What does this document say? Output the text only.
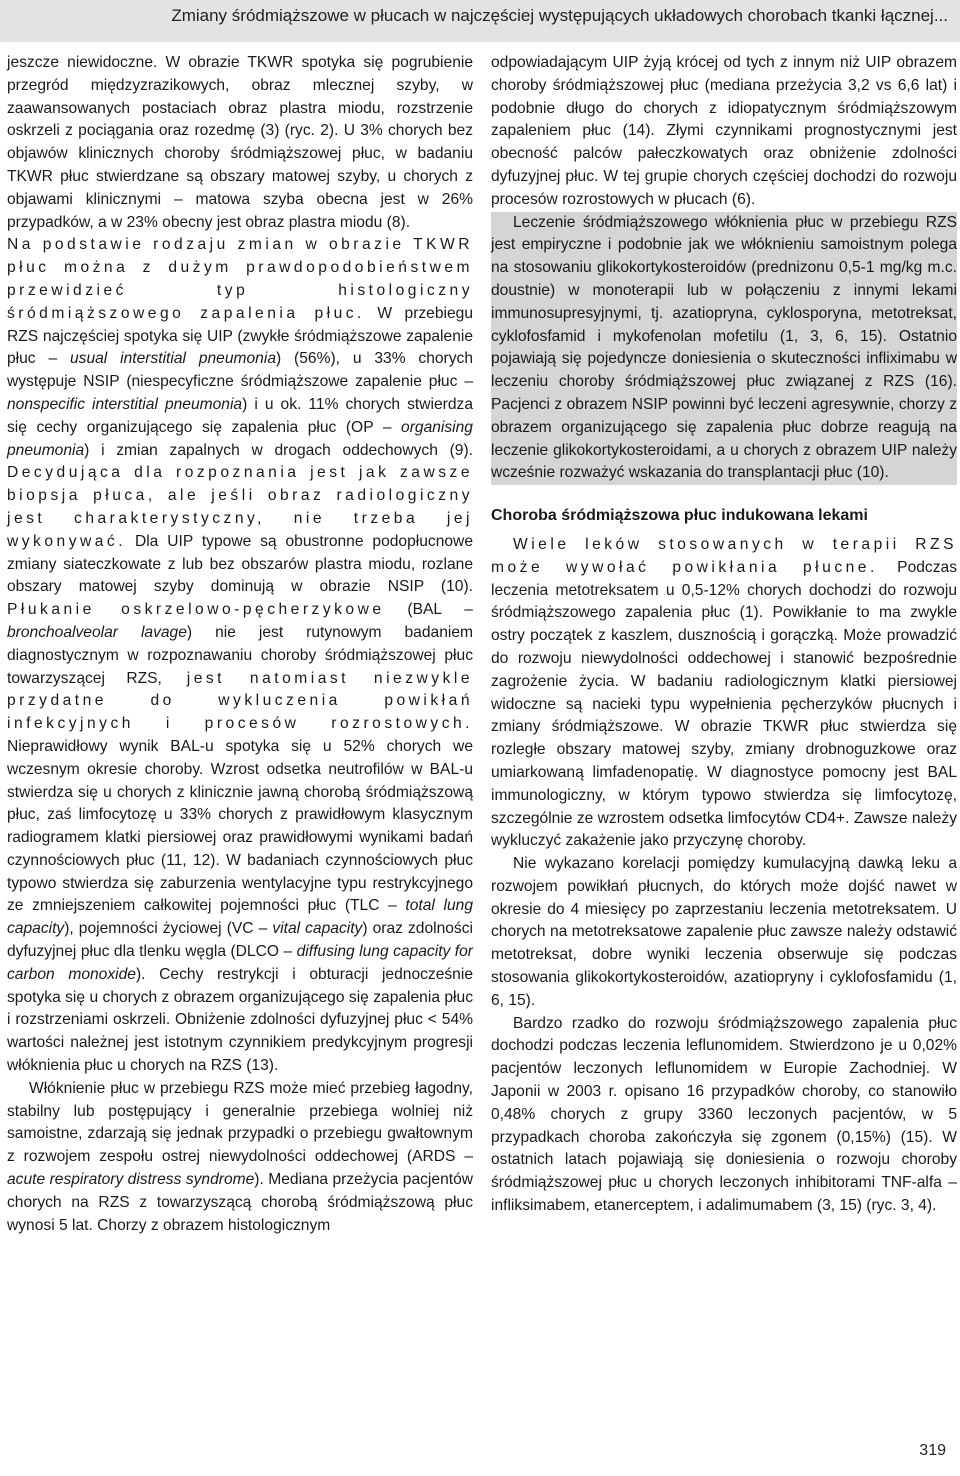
Zmiany śródmiąższowe w płucach w najczęściej występujących układowych chorobach tkanki łącznej...

jeszcze niewidoczne. W obrazie TKWR spotyka się pogrubienie przegród międzyzrazikowych, obraz mlecznej szyby, w zaawansowanych postaciach obraz plastra miodu, rozstrzenie oskrzeli z pociągania oraz rozedmę (3) (ryc. 2). U 3% chorych bez objawów klinicznych choroby śródmiąższowej płuc, w badaniu TKWR płuc stwierdzane są obszary matowej szyby, u chorych z objawami klinicznymi – matowa szyba obecna jest w 26% przypadków, a w 23% obecny jest obraz plastra miodu (8).

Na podstawie rodzaju zmian w obrazie TKWR płuc można z dużym prawdopodobieństwem przewidzieć typ histologiczny śródmiąższowego zapalenia płuc. W przebiegu RZS najczęściej spotyka się UIP (zwykłe śródmiąższowe zapalenie płuc – usual interstitial pneumonia) (56%), u 33% chorych występuje NSIP (niespecyficzne śródmiąższowe zapalenie płuc – nonspecific interstitial pneumonia) i u ok. 11% chorych stwierdza się cechy organizującego się zapalenia płuc (OP – organising pneumonia) i zmian zapalnych w drogach oddechowych (9). Decydująca dla rozpoznania jest jak zawsze biopsja płuca, ale jeśli obraz radiologiczny jest charakterystyczny, nie trzeba jej wykonywać. Dla UIP typowe są obustronne podopłucnowe zmiany siateczkowate z lub bez obszarów plastra miodu, rozlane obszary matowej szyby dominują w obrazie NSIP (10). Płukanie oskrzelowo-pęcherzykowe (BAL – bronchoalveolar lavage) nie jest rutynowym badaniem diagnostycznym w rozpoznawaniu choroby śródmiąższowej płuc towarzyszącej RZS, jest natomiast niezwykle przydatne do wykluczenia powikłań infekcyjnych i procesów rozrostowych. Nieprawidłowy wynik BAL-u spotyka się u 52% chorych we wczesnym okresie choroby. Wzrost odsetka neutrofilów w BAL-u stwierdza się u chorych z klinicznie jawną chorobą śródmiąższową płuc, zaś limfocytozę u 33% chorych z prawidłowym klasycznym radiogramem klatki piersiowej oraz prawidłowymi wynikami badań czynnościowych płuc (11, 12). W badaniach czynnościowych płuc typowo stwierdza się zaburzenia wentylacyjne typu restrykcyjnego ze zmniejszeniem całkowitej pojemności płuc (TLC – total lung capacity), pojemności życiowej (VC – vital capacity) oraz zdolności dyfuzyjnej płuc dla tlenku węgla (DLCO – diffusing lung capacity for carbon monoxide). Cechy restrykcji i obturacji jednocześnie spotyka się u chorych z obrazem organizującego się zapalenia płuc i rozstrzeniami oskrzeli. Obniżenie zdolności dyfuzyjnej płuc < 54% wartości należnej jest istotnym czynnikiem predykcyjnym progresji włóknienia płuc u chorych na RZS (13).

Włóknienie płuc w przebiegu RZS może mieć przebieg łagodny, stabilny lub postępujący i generalnie przebiega wolniej niż samoistne, zdarzają się jednak przypadki o przebiegu gwałtownym z rozwojem zespołu ostrej niewydolności oddechowej (ARDS – acute respiratory distress syndrome). Mediana przeżycia pacjentów chorych na RZS z towarzyszącą chorobą śródmiąższową płuc wynosi 5 lat. Chorzy z obrazem histologicznym

odpowiadającym UIP żyją krócej od tych z innym niż UIP obrazem choroby śródmiąższowej płuc (mediana przeżycia 3,2 vs 6,6 lat) i podobnie długo do chorych z idiopatycznym śródmiąższowym zapaleniem płuc (14). Złymi czynnikami prognostycznymi jest obecność palców pałeczkowatych oraz obniżenie zdolności dyfuzyjnej płuc. W tej grupie chorych częściej dochodzi do rozwoju procesów rozrostowych w płucach (6).

Leczenie śródmiąższowego włóknienia płuc w przebiegu RZS jest empiryczne i podobnie jak we włóknieniu samoistnym polega na stosowaniu glikokortykosteroidów (prednizonu 0,5-1 mg/kg m.c. doustnie) w monoterapii lub w połączeniu z innymi lekami immunosupresyjnymi, tj. azatiopryna, cyklosporyna, metotreksat, cyklofosfamid i mykofenolan mofetilu (1, 3, 6, 15). Ostatnio pojawiają się pojedyncze doniesienia o skuteczności infliximabu w leczeniu choroby śródmiąższowej płuc związanej z RZS (16). Pacjenci z obrazem NSIP powinni być leczeni agresywnie, chorzy z obrazem organizującego się zapalenia płuc dobrze reagują na leczenie glikokortykosteroidami, a u chorych z obrazem UIP należy wcześnie rozważyć wskazania do transplantacji płuc (10).

Choroba śródmiąższowa płuc indukowana lekami

Wiele leków stosowanych w terapii RZS może wywołać powikłania płucne. Podczas leczenia metotreksatem u 0,5-12% chorych dochodzi do rozwoju śródmiąższowego zapalenia płuc (1). Powikłanie to ma zwykle ostry początek z kaszlem, dusznością i gorączką. Może prowadzić do rozwoju niewydolności oddechowej i stanowić bezpośrednie zagrożenie życia. W badaniu radiologicznym klatki piersiowej widoczne są nacieki typu wypełnienia pęcherzyków płucnych i zmiany śródmiąższowe. W obrazie TKWR płuc stwierdza się rozległe obszary matowej szyby, zmiany drobnoguzkowe oraz umiarkowaną limfadenopatię. W diagnostyce pomocny jest BAL immunologiczny, w którym typowo stwierdza się limfocytozę, szczególnie ze wzrostem odsetka limfocytów CD4+. Zawsze należy wykluczyć zakażenie jako przyczynę choroby.

Nie wykazano korelacji pomiędzy kumulacyjną dawką leku a rozwojem powikłań płucnych, do których może dojść nawet w okresie do 4 miesięcy po zaprzestaniu leczenia metotreksatem. U chorych na metotreksatowe zapalenie płuc zawsze należy odstawić metotreksat, dobre wyniki leczenia obserwuje się podczas stosowania glikokortykosteroidów, azatiopryny i cyklofosfamidu (1, 6, 15).

Bardzo rzadko do rozwoju śródmiąższowego zapalenia płuc dochodzi podczas leczenia leflunomidem. Stwierdzono je u 0,02% pacjentów leczonych leflunomidem w Europie Zachodniej. W Japonii w 2003 r. opisano 16 przypadków choroby, co stanowiło 0,48% chorych z grupy 3360 leczonych pacjentów, w 5 przypadkach choroba zakończyła się zgonem (0,15%) (15). W ostatnich latach pojawiają się doniesienia o rozwoju choroby śródmiąższowej płuc u chorych leczonych inhibitorami TNF-alfa – infliksimabem, etanerceptem, i adalimumabem (3, 15) (ryc. 3, 4).

319
